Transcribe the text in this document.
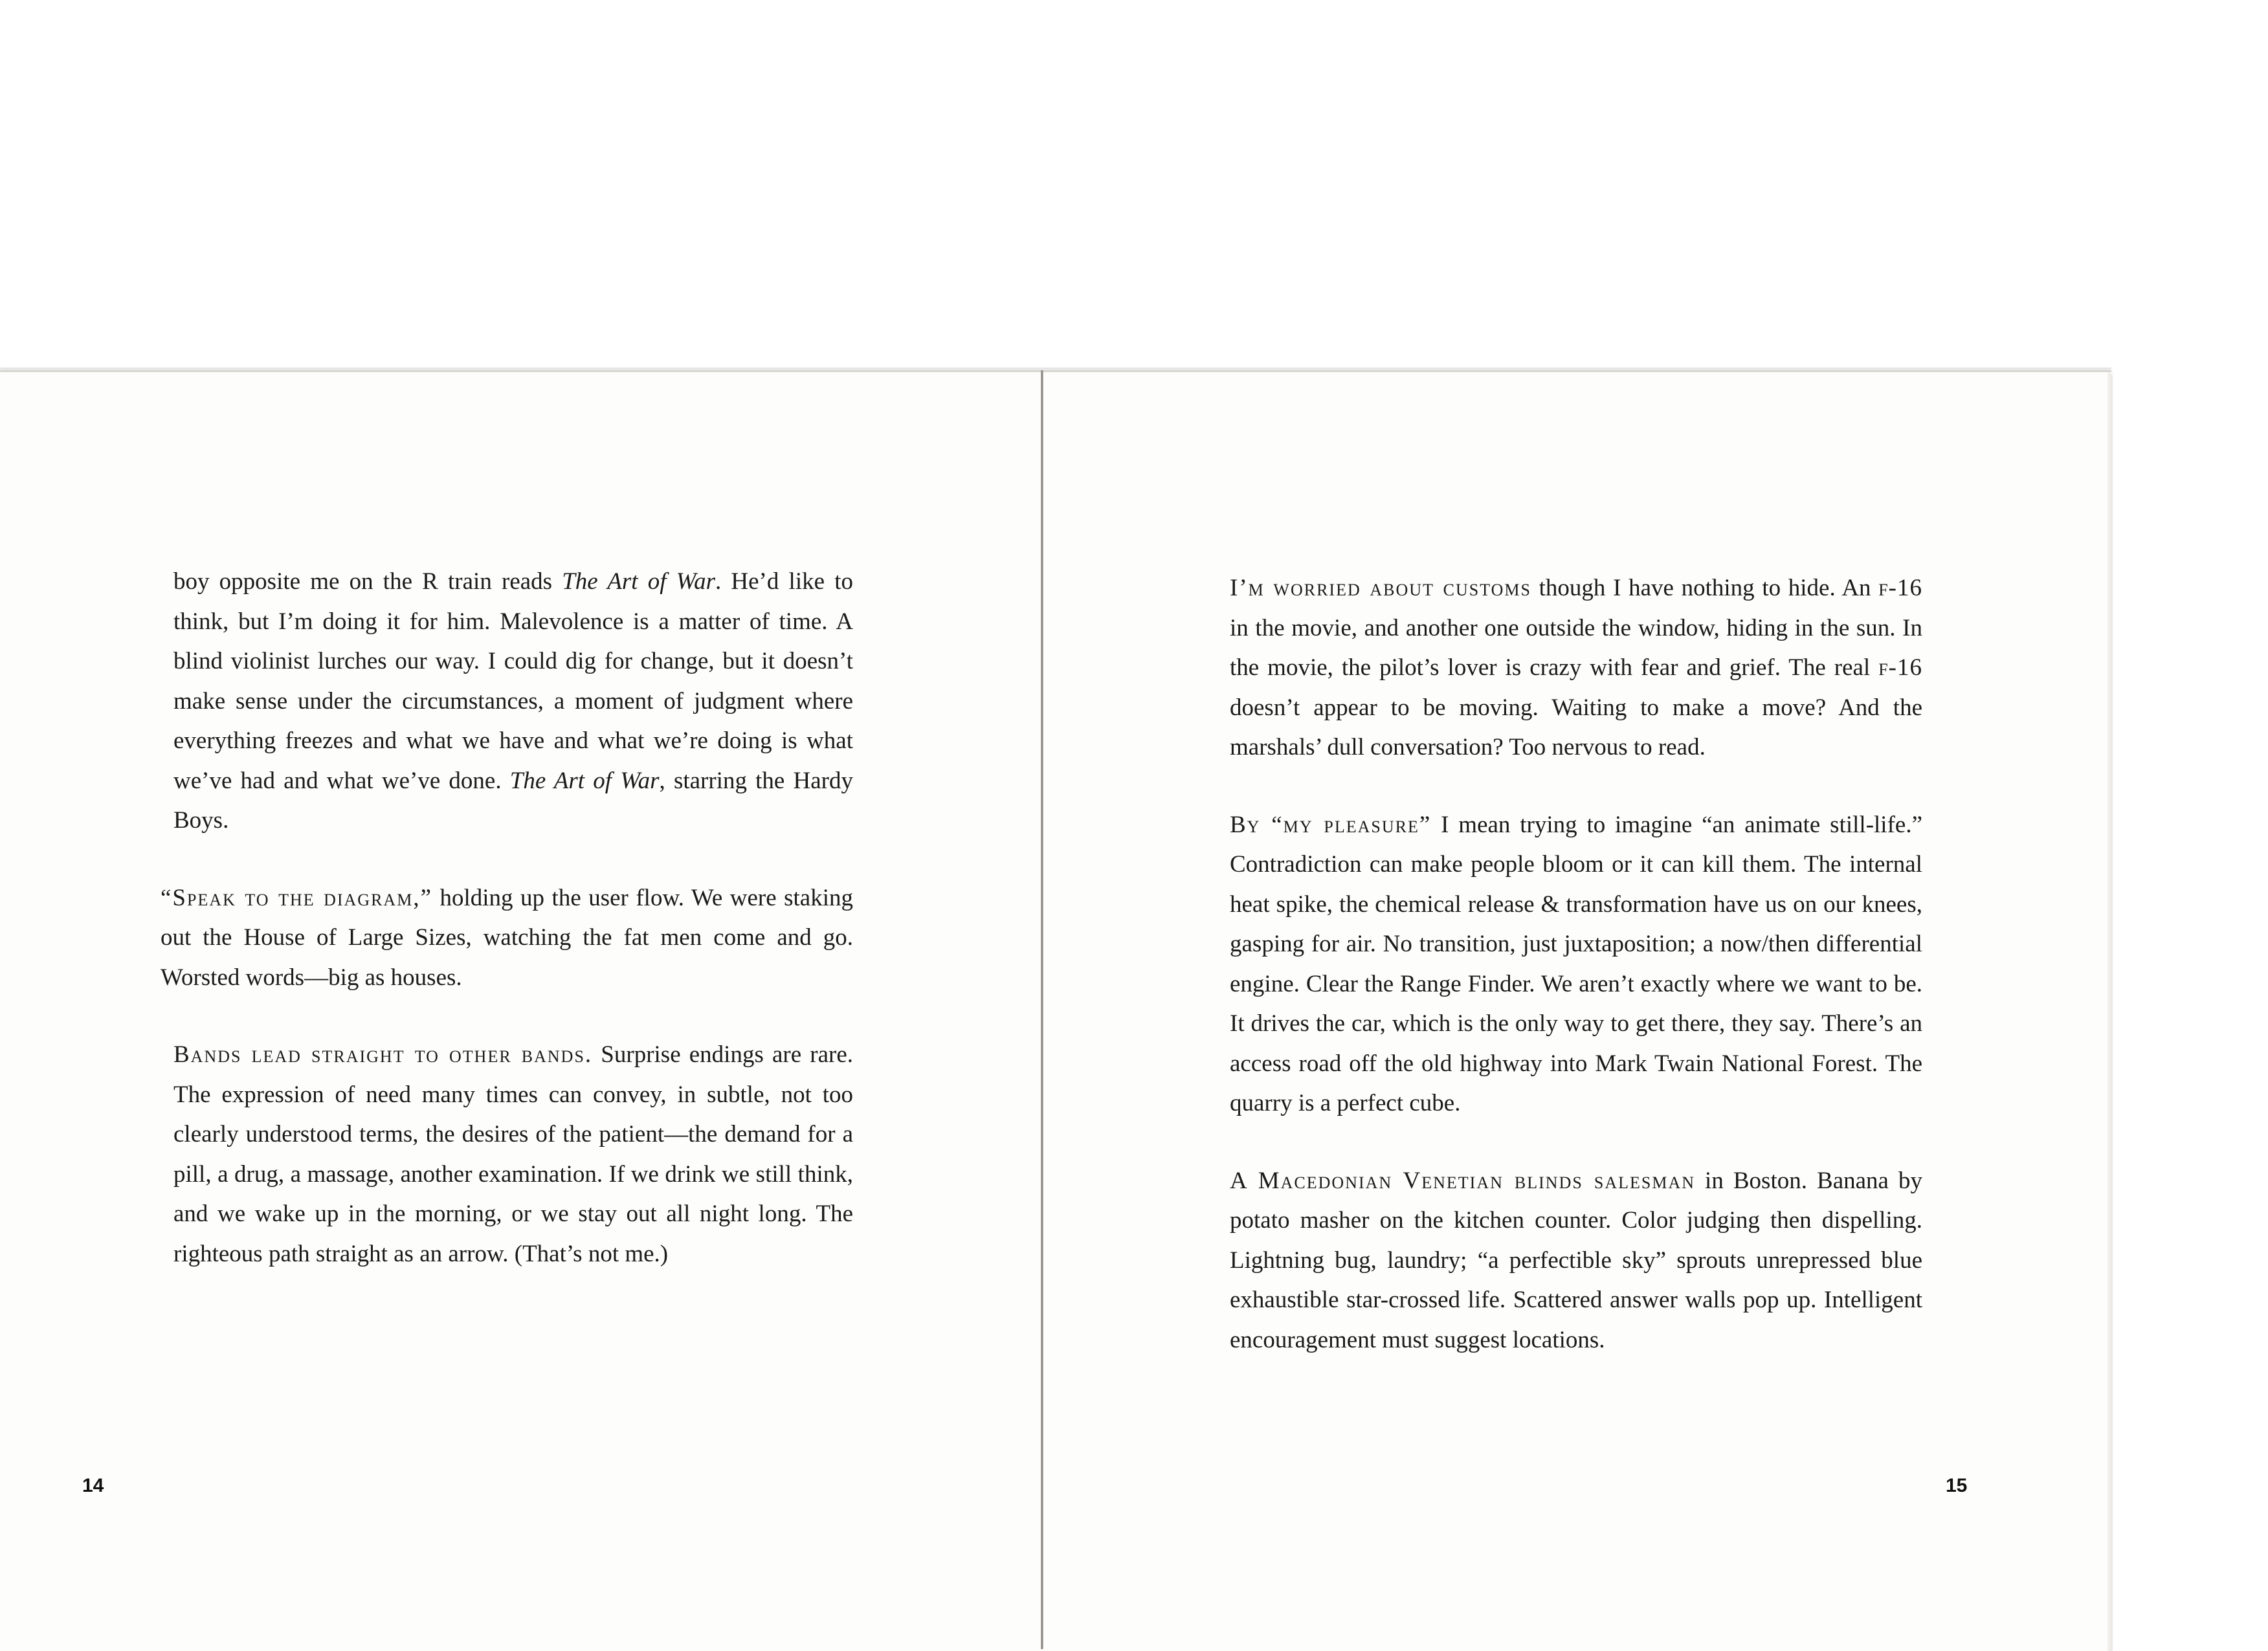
boy opposite me on the R train reads The Art of War. He’d like to think, but I’m doing it for him. Malevolence is a matter of time. A blind violinist lurches our way. I could dig for change, but it doesn’t make sense under the circumstances, a moment of judgment where everything freezes and what we have and what we’re doing is what we’ve had and what we’ve done. The Art of War, starring the Hardy Boys.

“Speak to the diagram,” holding up the user flow. We were staking out the House of Large Sizes, watching the fat men come and go. Worsted words—big as houses.

Bands lead straight to other bands. Surprise endings are rare. The expression of need many times can convey, in subtle, not too clearly understood terms, the desires of the patient—the demand for a pill, a drug, a massage, another examination. If we drink we still think, and we wake up in the morning, or we stay out all night long. The righteous path straight as an arrow. (That’s not me.)

14

I’m worried about customs though I have nothing to hide. An f-16 in the movie, and another one outside the window, hiding in the sun. In the movie, the pilot’s lover is crazy with fear and grief. The real f-16 doesn’t appear to be moving. Waiting to make a move? And the marshals’ dull conversation? Too nervous to read.

By “my pleasure” I mean trying to imagine “an animate still-life.” Contradiction can make people bloom or it can kill them. The internal heat spike, the chemical release & transformation have us on our knees, gasping for air. No transition, just juxtaposition; a now/then differential engine. Clear the Range Finder. We aren’t exactly where we want to be. It drives the car, which is the only way to get there, they say. There’s an access road off the old highway into Mark Twain National Forest. The quarry is a perfect cube.

A Macedonian Venetian blinds salesman in Boston. Banana by potato masher on the kitchen counter. Color judging then dispelling. Lightning bug, laundry; “a perfectible sky” sprouts unrepressed blue exhaustible star-crossed life. Scattered answer walls pop up. Intelligent encouragement must suggest locations.

15
